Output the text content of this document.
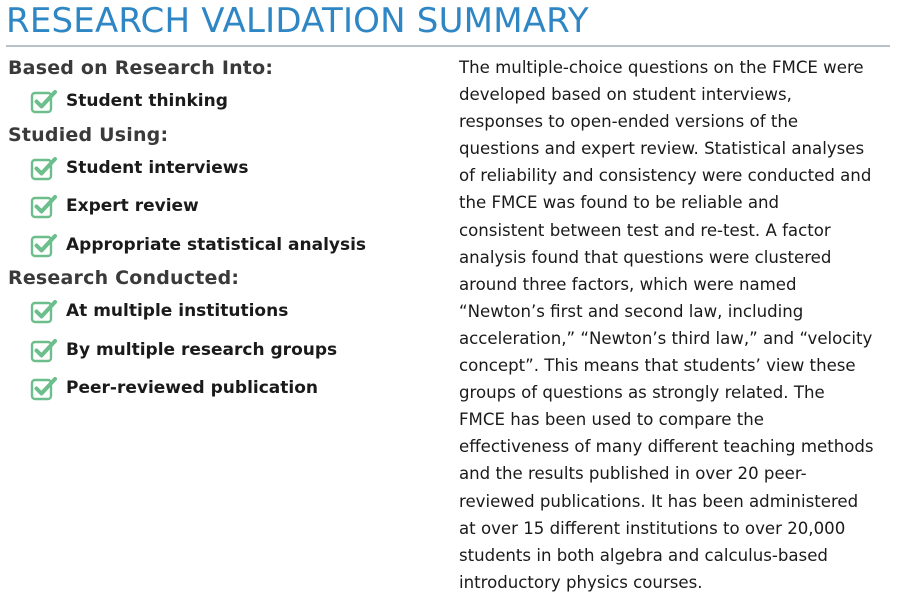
RESEARCH VALIDATION SUMMARY
Based on Research Into:
Student thinking
Studied Using:
Student interviews
Expert review
Appropriate statistical analysis
Research Conducted:
At multiple institutions
By multiple research groups
Peer-reviewed publication

The multiple-choice questions on the FMCE were
developed based on student interviews,
responses to open-ended versions of the
questions and expert review. Statistical analyses
of reliability and consistency were conducted and
the FMCE was found to be reliable and
consistent between test and re-test. A factor
analysis found that questions were clustered
around three factors, which were named
“Newton’s first and second law, including
acceleration,” “Newton’s third law,” and “velocity
concept”. This means that students’ view these
groups of questions as strongly related. The
FMCE has been used to compare the
effectiveness of many different teaching methods
and the results published in over 20 peer-
reviewed publications. It has been administered
at over 15 different institutions to over 20,000
students in both algebra and calculus-based
introductory physics courses.
